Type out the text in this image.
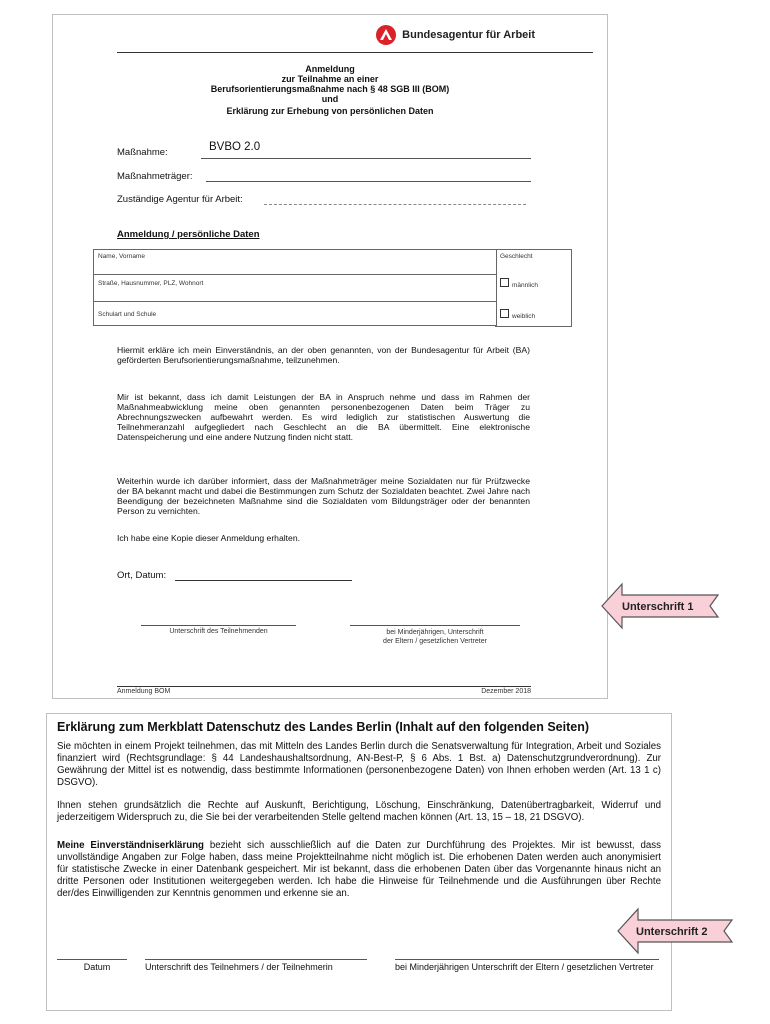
Bundesagentur für Arbeit
Anmeldung
zur Teilnahme an einer
Berufsorientierungsmaßnahme nach § 48 SGB III (BOM)
und
Erklärung zur Erhebung von persönlichen Daten
Maßnahme:	BVBO 2.0
Maßnahmeträger:
Zuständige Agentur für Arbeit:
Anmeldung / persönliche Daten
Name, Vorname
Straße, Hausnummer, PLZ, Wohnort
Schulart und Schule
Geschlecht
männlich
weiblich
Hiermit erkläre ich mein Einverständnis, an der oben genannten, von der Bundesagentur für Arbeit (BA) geförderten Berufsorientierungsmaßnahme, teilzunehmen.
Mir ist bekannt, dass ich damit Leistungen der BA in Anspruch nehme und dass im Rahmen der Maßnahmeabwicklung meine oben genannten personenbezogenen Daten beim Träger zu Abrechnungszwecken aufbewahrt werden. Es wird lediglich zur statistischen Auswertung die Teilnehmeranzahl aufgegliedert nach Geschlecht an die BA übermittelt. Eine elektronische Datenspeicherung und eine andere Nutzung finden nicht statt.
Weiterhin wurde ich darüber informiert, dass der Maßnahmeträger meine Sozialdaten nur für Prüfzwecke der BA bekannt macht und dabei die Bestimmungen zum Schutz der Sozialdaten beachtet. Zwei Jahre nach Beendigung der bezeichneten Maßnahme sind die Sozialdaten vom Bildungsträger oder der benannten Person zu vernichten.
Ich habe eine Kopie dieser Anmeldung erhalten.
Ort, Datum:
Unterschrift des Teilnehmenden	bei Minderjährigen, Unterschrift
der Eltern / gesetzlichen Vertreter
Anmeldung BOM	Dezember 2018
Unterschrift 1
Erklärung zum Merkblatt Datenschutz des Landes Berlin (Inhalt auf den folgenden Seiten)
Sie möchten in einem Projekt teilnehmen, das mit Mitteln des Landes Berlin durch die Senatsverwaltung für Integration, Arbeit und Soziales finanziert wird (Rechtsgrundlage: § 44 Landeshaushaltsordnung, AN-Best-P, § 6 Abs. 1 Bst. a) Datenschutzgrundverordnung). Zur Gewährung der Mittel ist es notwendig, dass bestimmte Informationen (personenbezogene Daten) von Ihnen erhoben werden (Art. 13 1 c) DSGVO).
Ihnen stehen grundsätzlich die Rechte auf Auskunft, Berichtigung, Löschung, Einschränkung, Datenübertragbarkeit, Widerruf und jederzeitigem Widerspruch zu, die Sie bei der verarbeitenden Stelle geltend machen können (Art. 13, 15 – 18, 21 DSGVO).
Meine Einverständniserklärung bezieht sich ausschließlich auf die Daten zur Durchführung des Projektes. Mir ist bewusst, dass unvollständige Angaben zur Folge haben, dass meine Projektteilnahme nicht möglich ist. Die erhobenen Daten werden auch anonymisiert für statistische Zwecke in einer Datenbank gespeichert. Mir ist bekannt, dass die erhobenen Daten über das Vorgenannte hinaus nicht an dritte Personen oder Institutionen weitergegeben werden. Ich habe die Hinweise für Teilnehmende und die Ausführungen über Rechte der/des Einwilligenden zur Kenntnis genommen und erkenne sie an.
Datum	Unterschrift des Teilnehmers / der Teilnehmerin	bei Minderjährigen Unterschrift der Eltern / gesetzlichen Vertreter
Unterschrift 2
